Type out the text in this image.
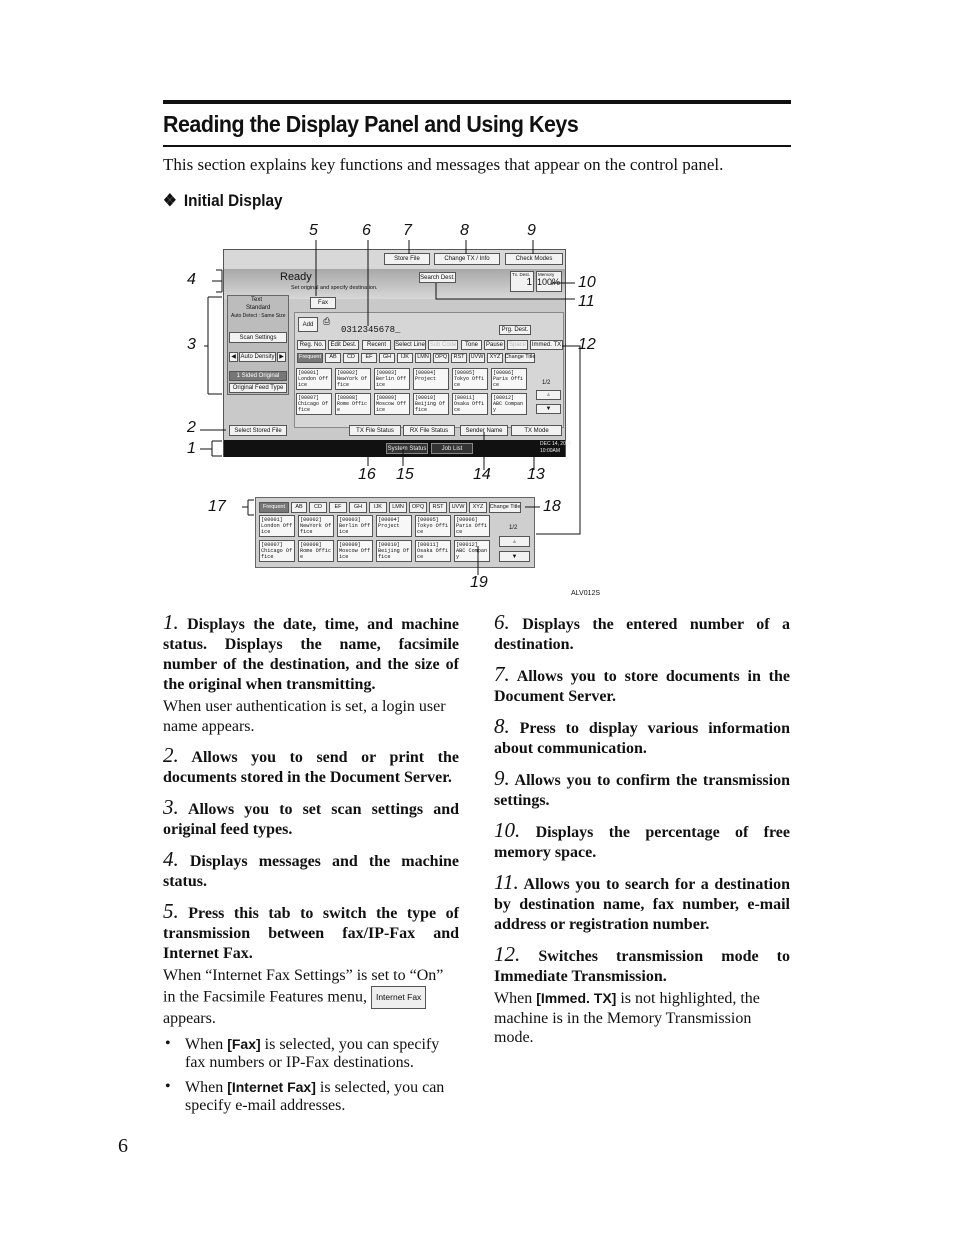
Reading the Display Panel and Using Keys
This section explains key functions and messages that appear on the control panel.
❖ Initial Display
Store File	Change TX / Info	Check Modes
Ready
Set original and specify destination.
Search Dest.	Tx. Dest.
1
Memory
100%
Fax
Text
Standard
Auto Detect : Same Size
Scan Settings
◀ Auto Density ▶
1 Sided Original
Original Feed Type
Select Stored File
Add	⎙
0312345678_	Prg. Dest.
Reg. No.	Edit Dest.	Recent	Select Line Sub Code	Tone	Pause Space Immed. TX
Frequent	AB	CD	EF	GH	IJK	LMN	OPQ	RST	UVW	XYZ Change Title
[00001]
London Off
ice
[00002]
NewYork Of
fice
[00003]
Berlin Off
ice
[00004]
Project
[00005]
Tokyo Offi
ce
[00006]
Paris Offi
ce
[00007]
Chicago Of
fice
[00008]
Rome Offic
e
[00009]
Moscow Off
ice
[00010]
Beijing Of
fice
[00011]
Osaka Offi
ce
[00012]
ABC Compan
y
1/2
▲
▼
TX File Status	RX File Status	Sender Name	TX Mode
System Status	Job List
DEC 14, 2005
10:00AM
Frequent	AB	CD	EF	GH	IJK	LMN	OPQ	RST	UVW	XYZ	Change Title
[00001]
London Off
ice
[00002]
NewYork Of
fice
[00003]
Berlin Off
ice
[00004]
Project
[00005]
Tokyo Offi
ce
[00006]
Paris Offi
ce
[00007]
Chicago Of
fice
[00008]
Rome Offic
e
[00009]
Moscow Off
ice
[00010]
Beijing Of
fice
[00011]
Osaka Offi
ce
[00012]
ABC Compan
y
1/2
▲
▼
5	6 7	8	9
4
3
2
1
10
11
12
16 15	14 13
17	18
19
ALV012S
1. Displays the date, time, and machine status. Displays the name, facsimile number of the destination, and the size of the original when transmitting.
When user authentication is set, a login user name appears.
2. Allows you to send or print the documents stored in the Document Server.
3. Allows you to set scan settings and original feed types.
4. Displays messages and the machine status.
5. Press this tab to switch the type of transmission between fax/IP-Fax and Internet Fax.
When “Internet Fax Settings” is set to “On” in the Facsimile Features menu, Internet Fax appears.
• When [Fax] is selected, you can specify fax numbers or IP-Fax destinations.
• When [Internet Fax] is selected, you can specify e-mail addresses.
6. Displays the entered number of a destination.
7. Allows you to store documents in the Document Server.
8. Press to display various information about communication.
9. Allows you to confirm the transmission settings.
10. Displays the percentage of free memory space.
11. Allows you to search for a destination by destination name, fax number, e-mail address or registration number.
12. Switches transmission mode to Immediate Transmission.
When [Immed. TX] is not highlighted, the machine is in the Memory Transmission mode.
6
